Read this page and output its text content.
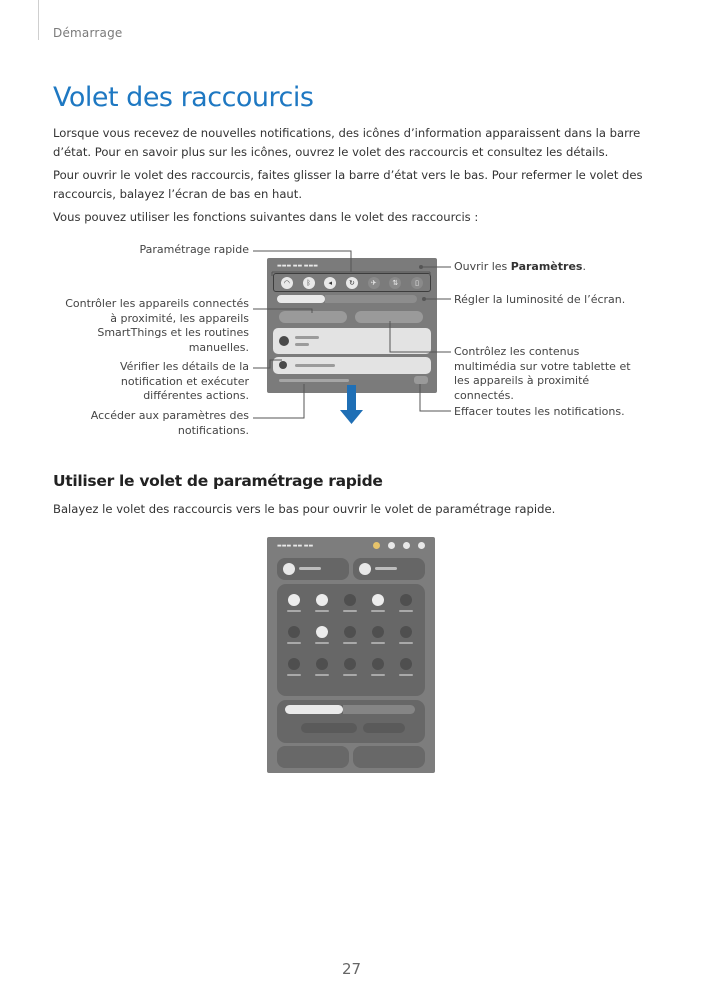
Démarrage
Volet des raccourcis

Lorsque vous recevez de nouvelles notifications, des icônes d’information apparaissent dans la barre d’état. Pour en savoir plus sur les icônes, ouvrez le volet des raccourcis et consultez les détails.

Pour ouvrir le volet des raccourcis, faites glisser la barre d’état vers le bas. Pour refermer le volet des raccourcis, balayez l’écran de bas en haut.

Vous pouvez utiliser les fonctions suivantes dans le volet des raccourcis :

Paramétrage rapide
Contrôler les appareils connectés
à proximité, les appareils
SmartThings et les routines
manuelles.
Vérifier les détails de la
notification et exécuter
différentes actions.
Accéder aux paramètres des
notifications.
Ouvrir les Paramètres.
Régler la luminosité de l’écran.
Contrôlez les contenus
multimédia sur votre tablette et
les appareils à proximité
connectés.
Effacer toutes les notifications.
▬▬▬ ▬▬ ▬▬▬
◠	ᛒ	◂	↻	✈	⇅	▯
Utiliser le volet de paramétrage rapide

Balayez le volet des raccourcis vers le bas pour ouvrir le volet de paramétrage rapide.

▬▬▬ ▬▬ ▬▬
27
